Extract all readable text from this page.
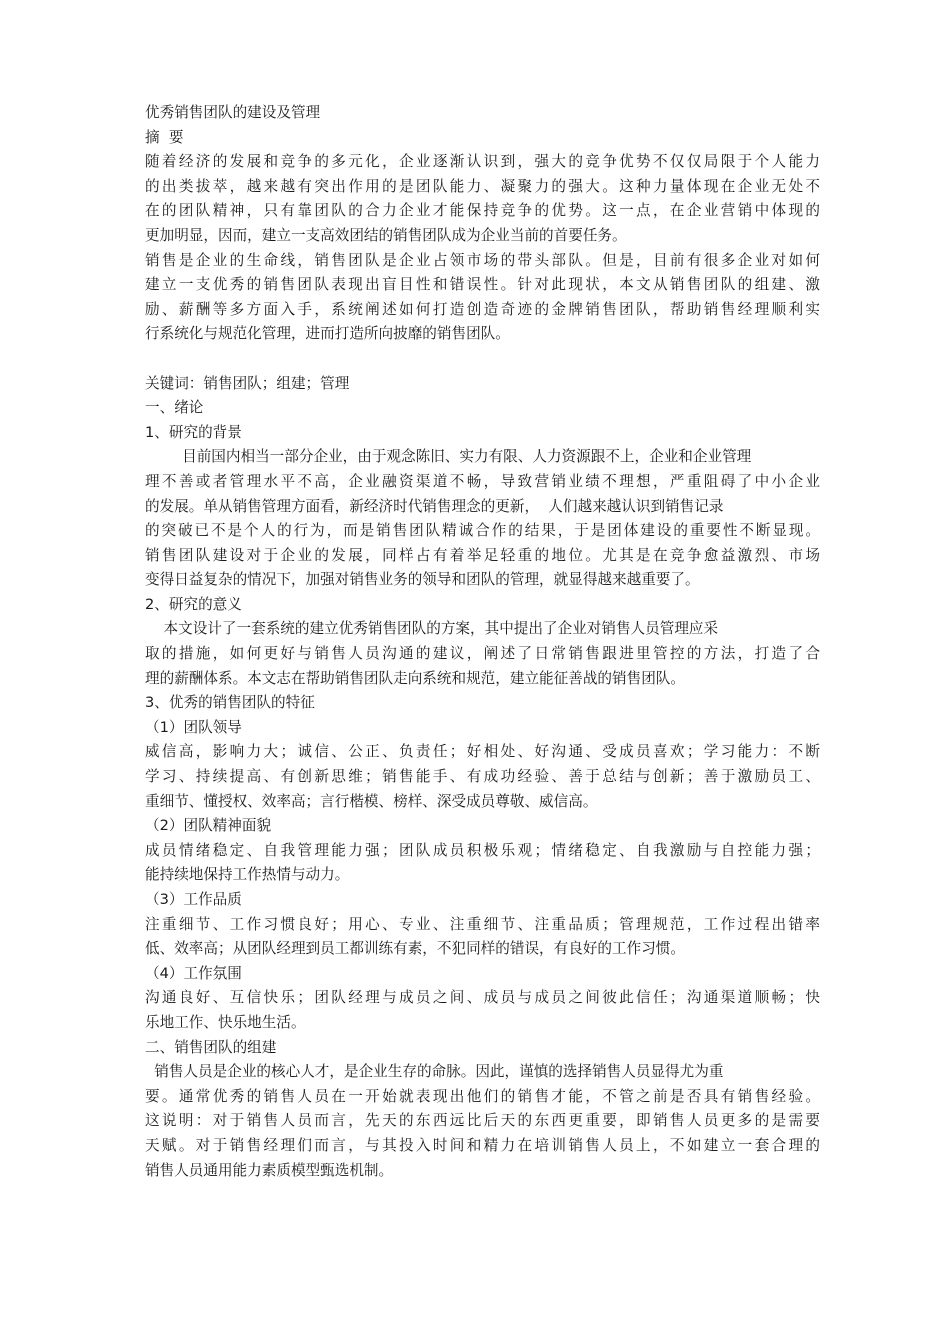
优秀销售团队的建设及管理
摘  要
随着经济的发展和竞争的多元化，企业逐渐认识到，强大的竞争优势不仅仅局限于个人能力
的出类拔萃，越来越有突出作用的是团队能力、凝聚力的强大。这种力量体现在企业无处不
在的团队精神，只有靠团队的合力企业才能保持竞争的优势。这一点，在企业营销中体现的
更加明显，因而，建立一支高效团结的销售团队成为企业当前的首要任务。
销售是企业的生命线，销售团队是企业占领市场的带头部队。但是，目前有很多企业对如何
建立一支优秀的销售团队表现出盲目性和错误性。针对此现状，本文从销售团队的组建、激
励、薪酬等多方面入手，系统阐述如何打造创造奇迹的金牌销售团队，帮助销售经理顺利实
行系统化与规范化管理，进而打造所向披靡的销售团队。
关键词：销售团队；组建；管理
一、绪论
1、研究的背景
目前国内相当一部分企业，由于观念陈旧、实力有限、人力资源跟不上，企业和企业管理
理不善或者管理水平不高，企业融资渠道不畅，导致营销业绩不理想，严重阻碍了中小企业
的发展。单从销售管理方面看，新经济时代销售理念的更新，  人们越来越认识到销售记录
的突破已不是个人的行为，而是销售团队精诚合作的结果，于是团体建设的重要性不断显现。
销售团队建设对于企业的发展，同样占有着举足轻重的地位。尤其是在竞争愈益激烈、市场
变得日益复杂的情况下，加强对销售业务的领导和团队的管理，就显得越来越重要了。
2、研究的意义
本文设计了一套系统的建立优秀销售团队的方案，其中提出了企业对销售人员管理应采
取的措施，如何更好与销售人员沟通的建议，阐述了日常销售跟进里管控的方法，打造了合
理的薪酬体系。本文志在帮助销售团队走向系统和规范，建立能征善战的销售团队。
3、优秀的销售团队的特征
（1）团队领导
威信高，影响力大；诚信、公正、负责任；好相处、好沟通、受成员喜欢；学习能力：不断
学习、持续提高、有创新思维；销售能手、有成功经验、善于总结与创新；善于激励员工、
重细节、懂授权、效率高；言行楷模、榜样、深受成员尊敬、威信高。
（2）团队精神面貌
成员情绪稳定、自我管理能力强；团队成员积极乐观；情绪稳定、自我激励与自控能力强；
能持续地保持工作热情与动力。
（3）工作品质
注重细节、工作习惯良好；用心、专业、注重细节、注重品质；管理规范，工作过程出错率
低、效率高；从团队经理到员工都训练有素，不犯同样的错误，有良好的工作习惯。
（4）工作氛围
沟通良好、互信快乐；团队经理与成员之间、成员与成员之间彼此信任；沟通渠道顺畅；快
乐地工作、快乐地生活。
二、销售团队的组建
销售人员是企业的核心人才，是企业生存的命脉。因此，谨慎的选择销售人员显得尤为重
要。通常优秀的销售人员在一开始就表现出他们的销售才能，不管之前是否具有销售经验。
这说明：对于销售人员而言，先天的东西远比后天的东西更重要，即销售人员更多的是需要
天赋。对于销售经理们而言，与其投入时间和精力在培训销售人员上，不如建立一套合理的
销售人员通用能力素质模型甄选机制。
